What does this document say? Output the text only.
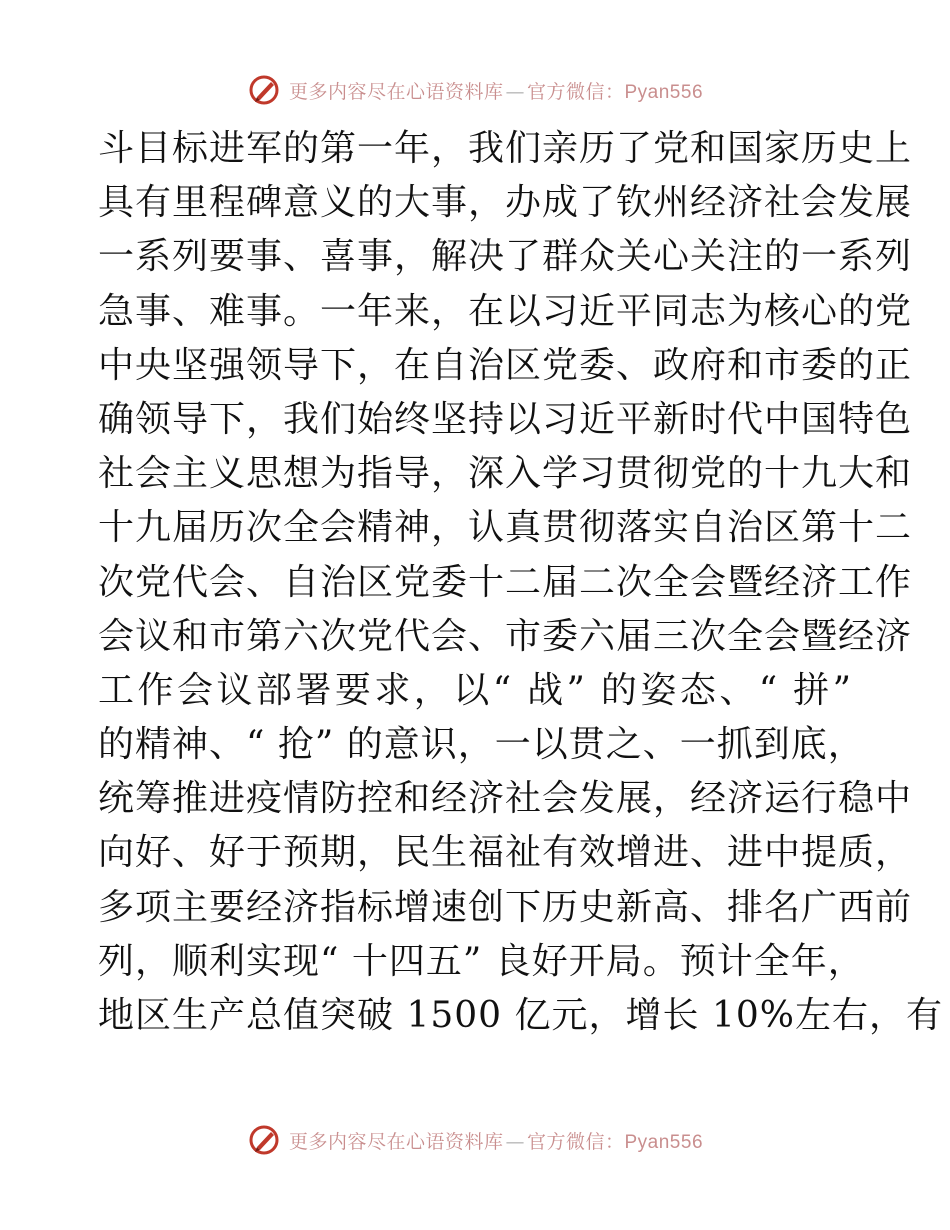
更多内容尽在心语资料库 — 官方微信：Pyan556
斗目标进军的第一年，我们亲历了党和国家历史上
具有里程碑意义的大事，办成了钦州经济社会发展
一系列要事、喜事，解决了群众关心关注的一系列
急事、难事。一年来，在以习近平同志为核心的党
中央坚强领导下，在自治区党委、政府和市委的正
确领导下，我们始终坚持以习近平新时代中国特色
社会主义思想为指导，深入学习贯彻党的十九大和
十九届历次全会精神，认真贯彻落实自治区第十二
次党代会、自治区党委十二届二次全会暨经济工作
会议和市第六次党代会、市委六届三次全会暨经济
工作会议部署要求，以“ 战” 的姿态、“ 拼”
的精神、“ 抢” 的意识，一以贯之、一抓到底，
统筹推进疫情防控和经济社会发展，经济运行稳中
向好、好于预期，民生福祉有效增进、进中提质，
多项主要经济指标增速创下历史新高、排名广西前
列，顺利实现“ 十四五” 良好开局。预计全年，
地区生产总值突破 1500 亿元，增长 10%左右，有
更多内容尽在心语资料库 — 官方微信：Pyan556
